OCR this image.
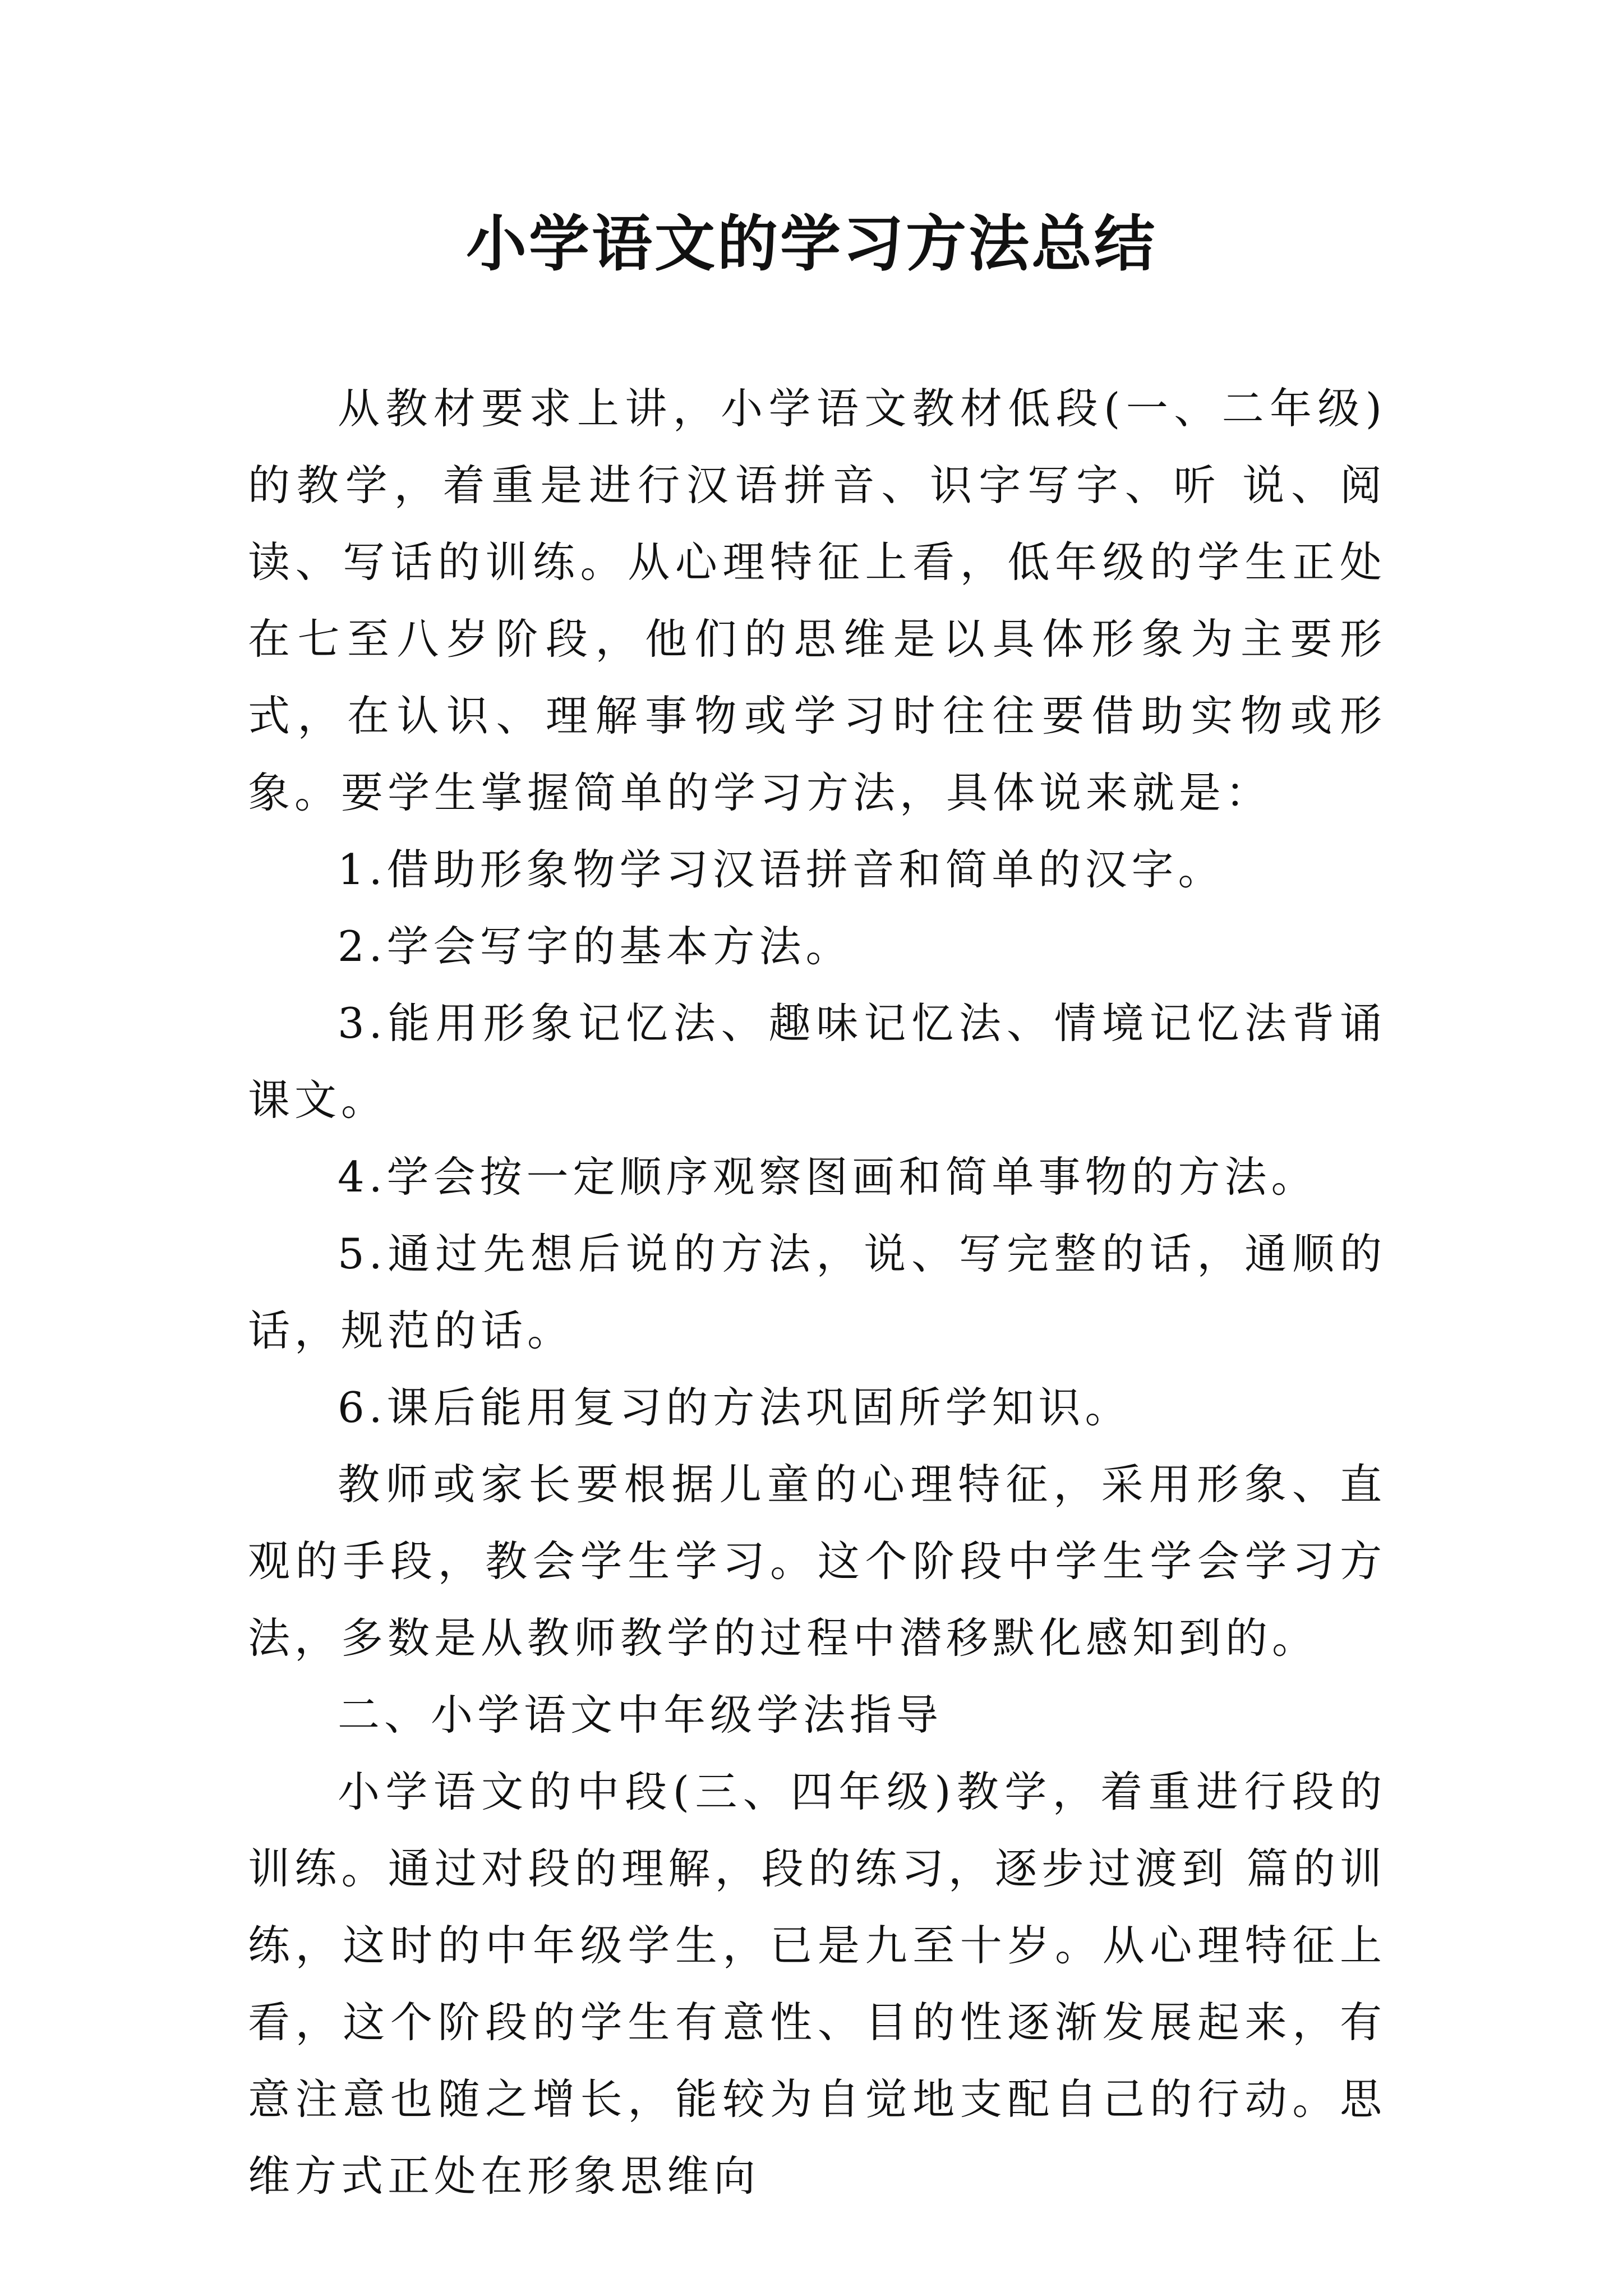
小学语文的学习方法总结

从教材要求上讲，小学语文教材低段(一、二年级)的教学，着重是进行汉语拼音、识字写字、听 说、阅读、写话的训练。从心理特征上看，低年级的学生正处在七至八岁阶段，他们的思维是以具体形象为主要形式，在认识、理解事物或学习时往往要借助实物或形象。要学生掌握简单的学习方法，具体说来就是：

1.借助形象物学习汉语拼音和简单的汉字。

2.学会写字的基本方法。

3.能用形象记忆法、趣味记忆法、情境记忆法背诵课文。

4.学会按一定顺序观察图画和简单事物的方法。

5.通过先想后说的方法，说、写完整的话，通顺的话，规范的话。

6.课后能用复习的方法巩固所学知识。

教师或家长要根据儿童的心理特征，采用形象、直观的手段，教会学生学习。这个阶段中学生学会学习方法，多数是从教师教学的过程中潜移默化感知到的。

二、小学语文中年级学法指导

小学语文的中段(三、四年级)教学，着重进行段的训练。通过对段的理解，段的练习，逐步过渡到 篇的训练，这时的中年级学生，已是九至十岁。从心理特征上看，这个阶段的学生有意性、目的性逐渐发展起来，有意注意也随之增长，能较为自觉地支配自己的行动。思维方式正处在形象思维向
